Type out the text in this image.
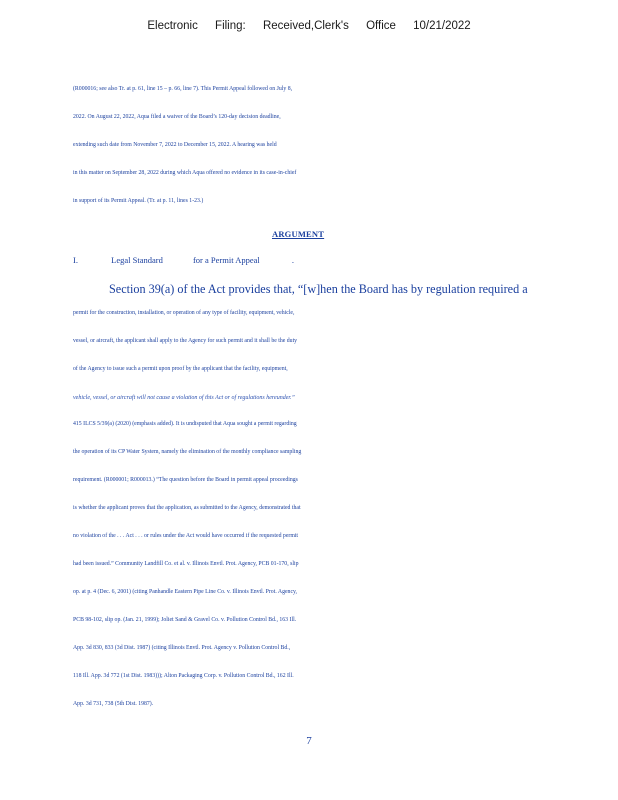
Electronic Filing: Received,Clerk's Office 10/21/2022
(R000016; see also Tr. at p. 61, line 15 – p. 66, line 7). This Permit Appeal followed on July 8,
2022. On August 22, 2022, Aqua filed a waiver of the Board’s 120-day decision deadline,
extending such date from November 7, 2022 to December 15, 2022. A hearing was held
in this matter on September 28, 2022 during which Aqua offered no evidence in its case-in-chief
in support of its Permit Appeal. (Tr. at p. 11, lines 1-23.)
ARGUMENT
I.	Legal Standard	for a Permit Appeal	.
Section 39(a) of the Act provides that, “[w]hen the Board has by regulation required a
permit for the construction, installation, or operation of any type of facility, equipment, vehicle,
vessel, or aircraft, the applicant shall apply to the Agency for such permit and it shall be the duty
of the Agency to issue such a permit upon proof by the applicant that the facility, equipment,
vehicle, vessel, or aircraft will not cause a violation of this Act or of regulations hereunder.”
415 ILCS 5/39(a) (2020) (emphasis added). It is undisputed that Aqua sought a permit regarding
the operation of its CP Water System, namely the elimination of the monthly compliance sampling
requirement. (R000001; R000013.) “The question before the Board in permit appeal proceedings
is whether the applicant proves that the application, as submitted to the Agency, demonstrated that
no violation of the . . . Act . . . or rules under the Act would have occurred if the requested permit
had been issued.” Community Landfill Co. et al. v. Illinois Envtl. Prot. Agency, PCB 01-170, slip
op. at p. 4 (Dec. 6, 2001) (citing Panhandle Eastern Pipe Line Co. v. Illinois Envtl. Prot. Agency,
PCB 98-102, slip op. (Jan. 21, 1999); Joliet Sand & Gravel Co. v. Pollution Control Bd., 163 Ill.
App. 3d 830, 833 (3d Dist. 1987) (citing Illinois Envtl. Prot. Agency v. Pollution Control Bd.,
118 Ill. App. 3d 772 (1st Dist. 1983))); Alton Packaging Corp. v. Pollution Control Bd., 162 Ill.
App. 3d 731, 738 (5th Dist. 1987).
7
